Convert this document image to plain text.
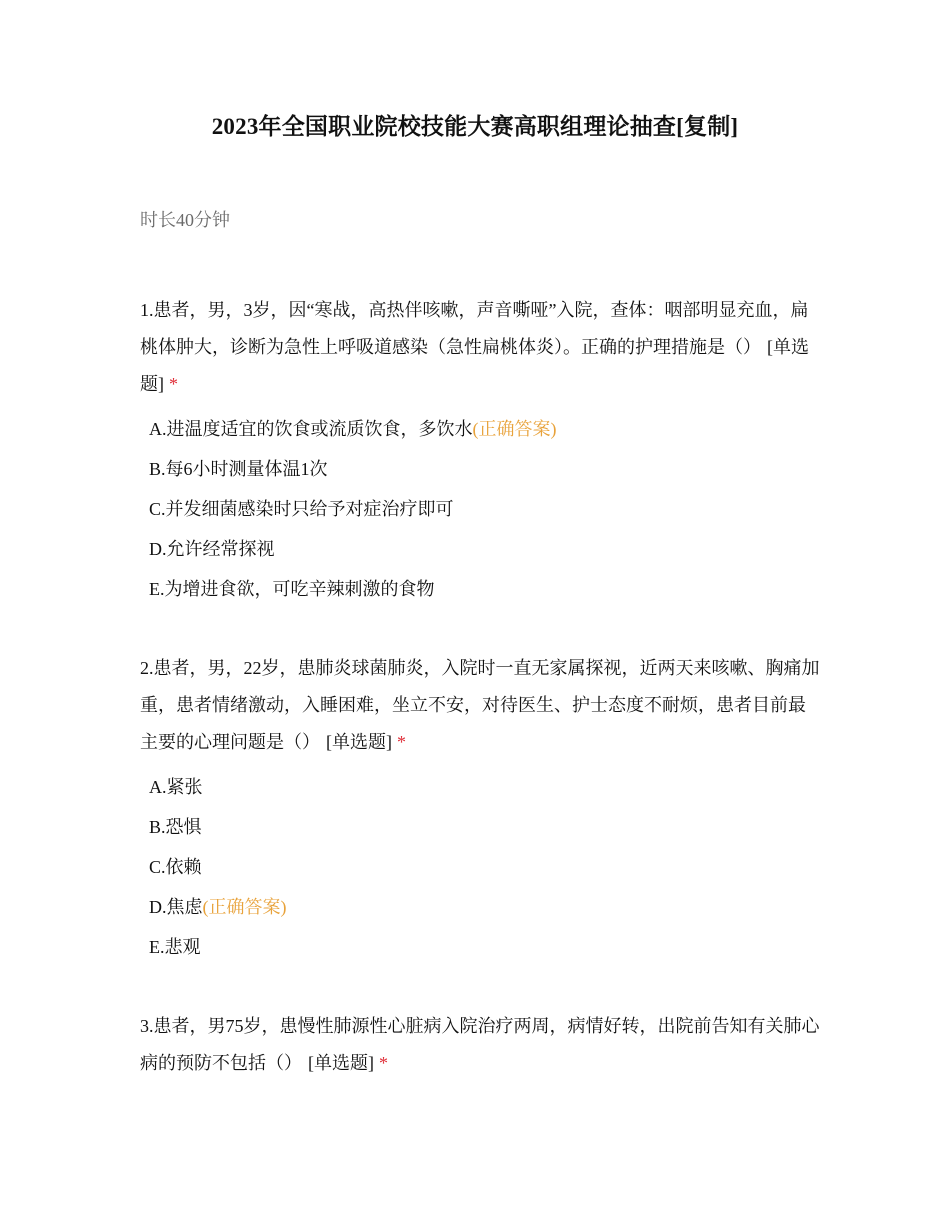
2023年全国职业院校技能大赛高职组理论抽查[复制]
时长40分钟

1.患者，男，3岁，因“寒战，高热伴咳嗽，声音嘶哑”入院，查体：咽部明显充血，扁桃体肿大，诊断为急性上呼吸道感染（急性扁桃体炎）。正确的护理措施是（） [单选题] *

A.进温度适宜的饮食或流质饮食，多饮水(正确答案)
B.每6小时测量体温1次
C.并发细菌感染时只给予对症治疗即可
D.允许经常探视
E.为增进食欲，可吃辛辣刺激的食物

2.患者，男，22岁，患肺炎球菌肺炎，入院时一直无家属探视，近两天来咳嗽、胸痛加重，患者情绪激动，入睡困难，坐立不安，对待医生、护士态度不耐烦，患者目前最主要的心理问题是（） [单选题] *

A.紧张
B.恐惧
C.依赖
D.焦虑(正确答案)
E.悲观

3.患者，男75岁，患慢性肺源性心脏病入院治疗两周，病情好转，出院前告知有关肺心病的预防不包括（） [单选题] *
